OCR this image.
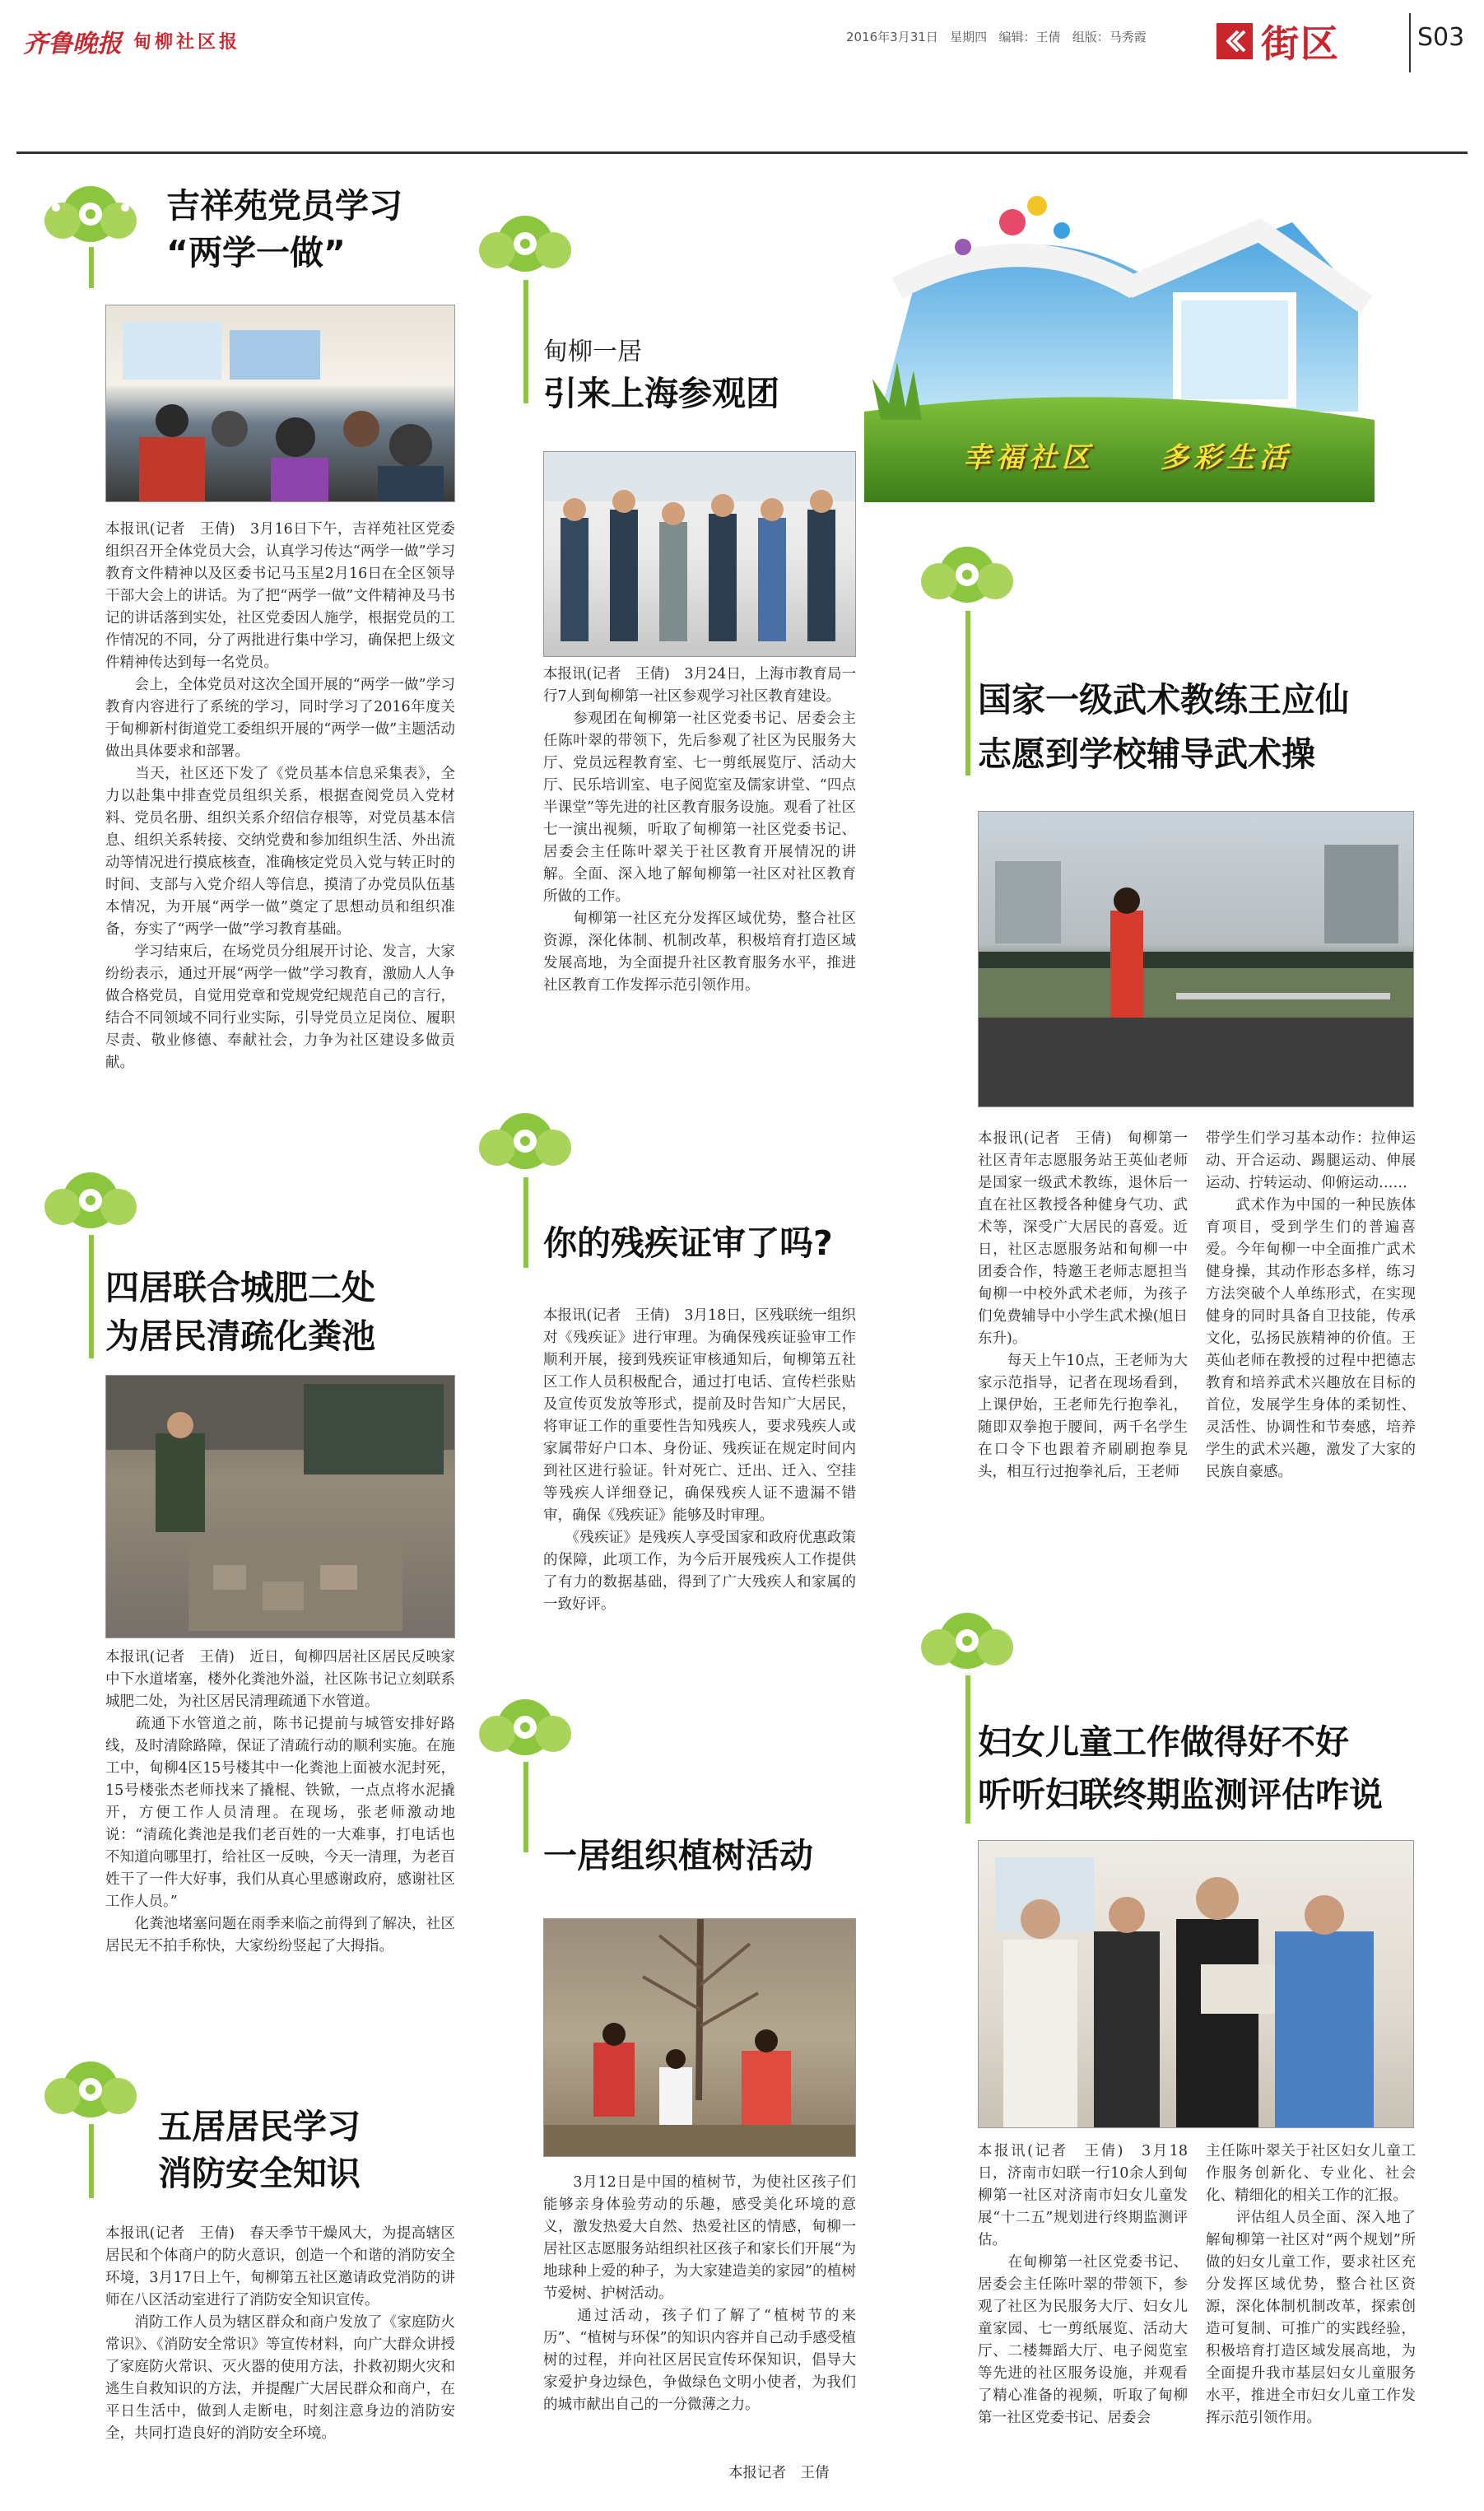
齐鲁晚报 甸柳社区报	2016年3月31日 星期四 编辑：王倩 组版：马秀霞	街区	S03
幸福社区 多彩生活
吉祥苑党员学习
“两学一做”
本报讯(记者　王倩)　3月16日下午，吉祥苑社区党委组织召开全体党员大会，认真学习传达“两学一做”学习教育文件精神以及区委书记马玉星2月16日在全区领导干部大会上的讲话。为了把“两学一做”文件精神及马书记的讲话落到实处，社区党委因人施学，根据党员的工作情况的不同，分了两批进行集中学习，确保把上级文件精神传达到每一名党员。
　　会上，全体党员对这次全国开展的“两学一做”学习教育内容进行了系统的学习，同时学习了2016年度关于甸柳新村街道党工委组织开展的“两学一做”主题活动做出具体要求和部署。
　　当天，社区还下发了《党员基本信息采集表》，全力以赴集中排查党员组织关系，根据查阅党员入党材料、党员名册、组织关系介绍信存根等，对党员基本信息、组织关系转接、交纳党费和参加组织生活、外出流动等情况进行摸底核查，准确核定党员入党与转正时的时间、支部与入党介绍人等信息，摸清了办党员队伍基本情况，为开展“两学一做”奠定了思想动员和组织准备，夯实了“两学一做”学习教育基础。
　　学习结束后，在场党员分组展开讨论、发言，大家纷纷表示，通过开展“两学一做”学习教育，激励人人争做合格党员，自觉用党章和党规党纪规范自己的言行，结合不同领域不同行业实际，引导党员立足岗位、履职尽责、敬业修德、奉献社会，力争为社区建设多做贡献。
甸柳一居
引来上海参观团
本报讯(记者　王倩)　3月24日，上海市教育局一行7人到甸柳第一社区参观学习社区教育建设。
　　参观团在甸柳第一社区党委书记、居委会主任陈叶翠的带领下，先后参观了社区为民服务大厅、党员远程教育室、七一剪纸展览厅、活动大厅、民乐培训室、电子阅览室及儒家讲堂、“四点半课堂”等先进的社区教育服务设施。观看了社区七一演出视频，听取了甸柳第一社区党委书记、居委会主任陈叶翠关于社区教育开展情况的讲解。全面、深入地了解甸柳第一社区对社区教育所做的工作。
　　甸柳第一社区充分发挥区域优势，整合社区资源，深化体制、机制改革，积极培育打造区域发展高地，为全面提升社区教育服务水平，推进社区教育工作发挥示范引领作用。
国家一级武术教练王应仙
志愿到学校辅导武术操
本报讯(记者　王倩)　甸柳第一社区青年志愿服务站王英仙老师是国家一级武术教练，退休后一直在社区教授各种健身气功、武术等，深受广大居民的喜爱。近日，社区志愿服务站和甸柳一中团委合作，特邀王老师志愿担当甸柳一中校外武术老师，为孩子们免费辅导中小学生武术操(旭日东升)。
　　每天上午10点，王老师为大家示范指导，记者在现场看到，上课伊始，王老师先行抱拳礼，随即双拳抱于腰间，两千名学生在口令下也跟着齐刷刷抱拳見头，相互行过抱拳礼后，王老师
带学生们学习基本动作：拉伸运动、开合运动、踢腿运动、伸展运动、拧转运动、仰俯运动……
　　武术作为中国的一种民族体育项目，受到学生们的普遍喜爱。今年甸柳一中全面推广武术健身操，其动作形态多样，练习方法突破个人单练形式，在实现健身的同时具备自卫技能，传承文化，弘扬民族精神的价值。王英仙老师在教授的过程中把德志教育和培养武术兴趣放在目标的首位，发展学生身体的柔韧性、灵活性、协调性和节奏感，培养学生的武术兴趣，激发了大家的民族自豪感。
四居联合城肥二处
为居民清疏化粪池
本报讯(记者　王倩)　近日，甸柳四居社区居民反映家中下水道堵塞，楼外化粪池外溢，社区陈书记立刻联系城肥二处，为社区居民清理疏通下水管道。
　　疏通下水管道之前，陈书记提前与城管安排好路线，及时清除路障，保证了清疏行动的顺利实施。在施工中，甸柳4区15号楼其中一化粪池上面被水泥封死，15号楼张杰老师找来了撬棍、铁锨，一点点将水泥撬开，方便工作人员清理。在现场，张老师激动地说：“清疏化粪池是我们老百姓的一大难事，打电话也不知道向哪里打，给社区一反映，今天一清理，为老百姓干了一件大好事，我们从真心里感谢政府，感谢社区工作人员。”
　　化粪池堵塞问题在雨季来临之前得到了解决，社区居民无不拍手称快，大家纷纷竖起了大拇指。
你的残疾证审了吗?
本报讯(记者　王倩)　3月18日，区残联统一组织对《残疾证》进行审理。为确保残疾证验审工作顺利开展，接到残疾证审核通知后，甸柳第五社区工作人员积极配合，通过打电话、宣传栏张贴及宣传页发放等形式，提前及时告知广大居民，将审证工作的重要性告知残疾人，要求残疾人或家属带好户口本、身份证、残疾证在规定时间内到社区进行验证。针对死亡、迁出、迁入、空挂等残疾人详细登记，确保残疾人证不遗漏不错审，确保《残疾证》能够及时审理。
　　《残疾证》是残疾人享受国家和政府优惠政策的保障，此项工作，为今后开展残疾人工作提供了有力的数据基础，得到了广大残疾人和家属的一致好评。
妇女儿童工作做得好不好
听听妇联终期监测评估咋说
本报讯(记者　王倩)　3月18日，济南市妇联一行10余人到甸柳第一社区对济南市妇女儿童发展“十二五”规划进行终期监测评估。
　　在甸柳第一社区党委书记、居委会主任陈叶翠的带领下，参观了社区为民服务大厅、妇女儿童家园、七一剪纸展览、活动大厅、二楼舞蹈大厅、电子阅览室等先进的社区服务设施，并观看了精心准备的视频，听取了甸柳第一社区党委书记、居委会
主任陈叶翠关于社区妇女儿童工作服务创新化、专业化、社会化、精细化的相关工作的汇报。
　　评估组人员全面、深入地了解甸柳第一社区对“两个规划”所做的妇女儿童工作，要求社区充分发挥区域优势，整合社区资源，深化体制机制改革，探索创造可复制、可推广的实践经验，积极培育打造区域发展高地，为全面提升我市基层妇女儿童服务水平，推进全市妇女儿童工作发挥示范引领作用。
一居组织植树活动
　　3月12日是中国的植树节，为使社区孩子们能够亲身体验劳动的乐趣，感受美化环境的意义，激发热爱大自然、热爱社区的情感，甸柳一居社区志愿服务站组织社区孩子和家长们开展“为地球种上爱的种子，为大家建造美的家园”的植树节爱树、护树活动。
　　通过活动，孩子们了解了“植树节的来历”、“植树与环保”的知识内容并自己动手感受植树的过程，并向社区居民宣传环保知识，倡导大家爱护身边绿色，争做绿色文明小使者，为我们的城市献出自己的一分微薄之力。
本报记者　王倩
五居居民学习
消防安全知识
本报讯(记者　王倩)　春天季节干燥风大，为提高辖区居民和个体商户的防火意识，创造一个和谐的消防安全环境，3月17日上午，甸柳第五社区邀请政党消防的讲师在八区活动室进行了消防安全知识宣传。
　　消防工作人员为辖区群众和商户发放了《家庭防火常识》、《消防安全常识》等宣传材料，向广大群众讲授了家庭防火常识、灭火器的使用方法，扑救初期火灾和逃生自救知识的方法，并提醒广大居民群众和商户，在平日生活中，做到人走断电，时刻注意身边的消防安全，共同打造良好的消防安全环境。
